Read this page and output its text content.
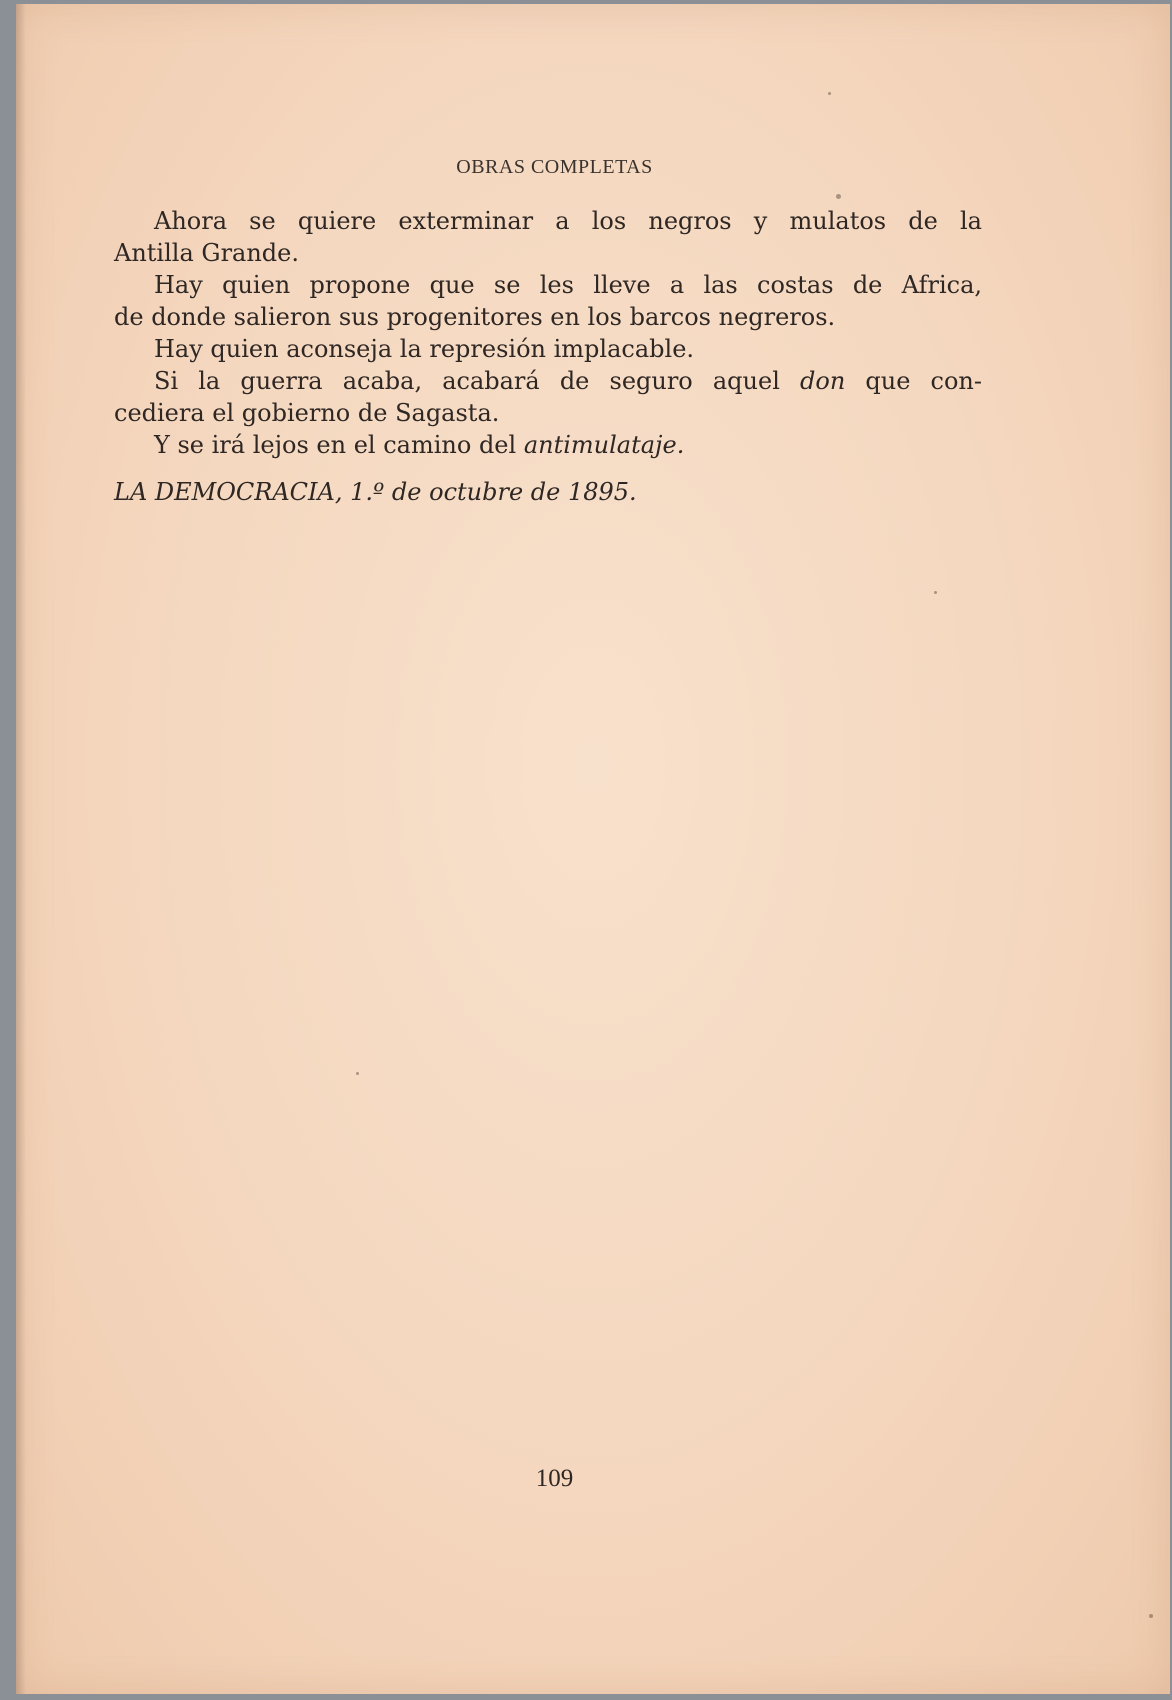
OBRAS COMPLETAS

Ahora se quiere exterminar a los negros y mulatos de la
Antilla Grande.

Hay quien propone que se les lleve a las costas de Africa,
de donde salieron sus progenitores en los barcos negreros.

Hay quien aconseja la represión implacable.

Si la guerra acaba, acabará de seguro aquel don que con-
cediera el gobierno de Sagasta.

Y se irá lejos en el camino del antimulataje.

LA DEMOCRACIA, 1.º de octubre de 1895.
109
